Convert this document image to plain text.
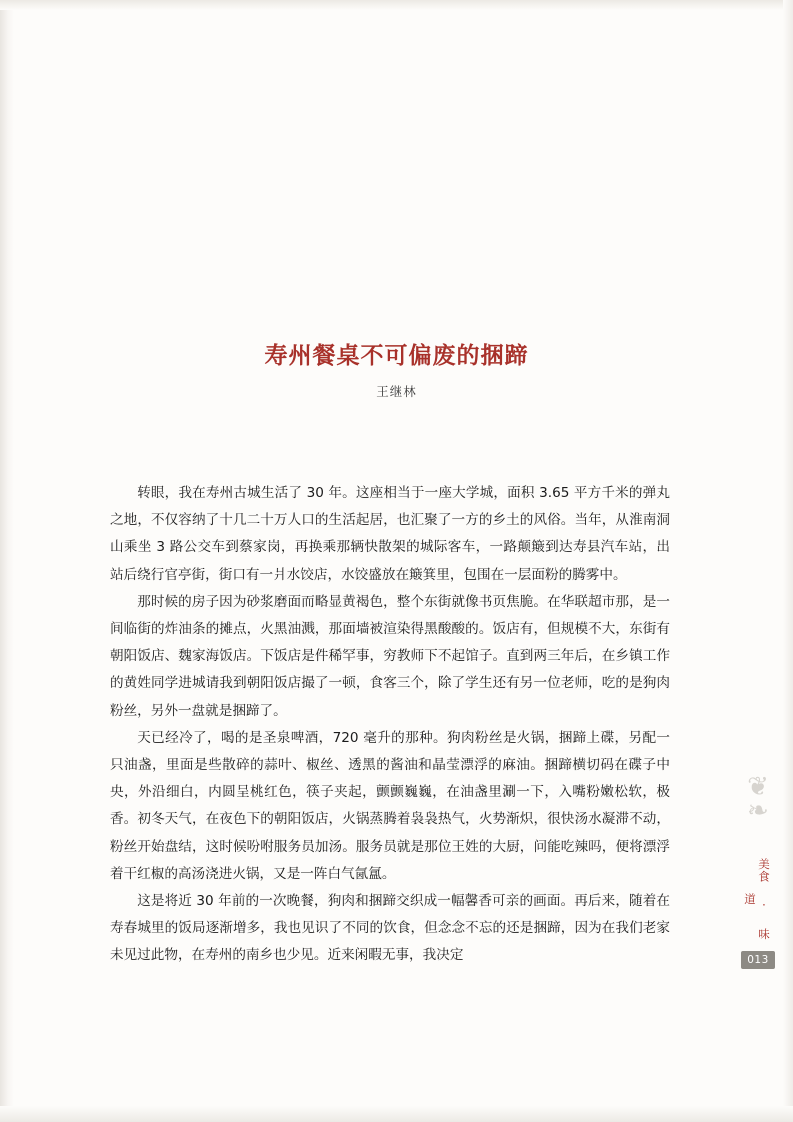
寿州餐桌不可偏废的捆蹄
王继林

转眼，我在寿州古城生活了 30 年。这座相当于一座大学城，面积 3.65 平方千米的弹丸之地，不仅容纳了十几二十万人口的生活起居，也汇聚了一方的乡土的风俗。当年，从淮南洞山乘坐 3 路公交车到蔡家岗，再换乘那辆快散架的城际客车，一路颠簸到达寿县汽车站，出站后绕行官亭街，街口有一爿水饺店，水饺盛放在簸箕里，包围在一层面粉的腾雾中。

那时候的房子因为砂浆磨面而略显黄褐色，整个东街就像书页焦脆。在华联超市那，是一间临街的炸油条的摊点，火黑油溅，那面墙被渲染得黑酸酸的。饭店有，但规模不大，东街有朝阳饭店、魏家海饭店。下饭店是件稀罕事，穷教师下不起馆子。直到两三年后，在乡镇工作的黄姓同学进城请我到朝阳饭店撮了一顿，食客三个，除了学生还有另一位老师，吃的是狗肉粉丝，另外一盘就是捆蹄了。

天已经冷了，喝的是圣泉啤酒，720 毫升的那种。狗肉粉丝是火锅，捆蹄上碟，另配一只油盏，里面是些散碎的蒜叶、椒丝、透黑的酱油和晶莹漂浮的麻油。捆蹄横切码在碟子中央，外沿细白，内圆呈桃红色，筷子夹起，颤颤巍巍，在油盏里涮一下，入嘴粉嫩松软，极香。初冬天气，在夜色下的朝阳饭店，火锅蒸腾着袅袅热气，火势渐炽，很快汤水凝滞不动，粉丝开始盘结，这时候吩咐服务员加汤。服务员就是那位王姓的大厨，问能吃辣吗，便将漂浮着干红椒的高汤浇进火锅，又是一阵白气氤氲。

这是将近 30 年前的一次晚餐，狗肉和捆蹄交织成一幅馨香可亲的画面。再后来，随着在寿春城里的饭局逐渐增多，我也见识了不同的饮食，但念念不忘的还是捆蹄，因为在我们老家未见过此物，在寿州的南乡也少见。近来闲暇无事，我决定

❦
❧
美食 · 味道
013
